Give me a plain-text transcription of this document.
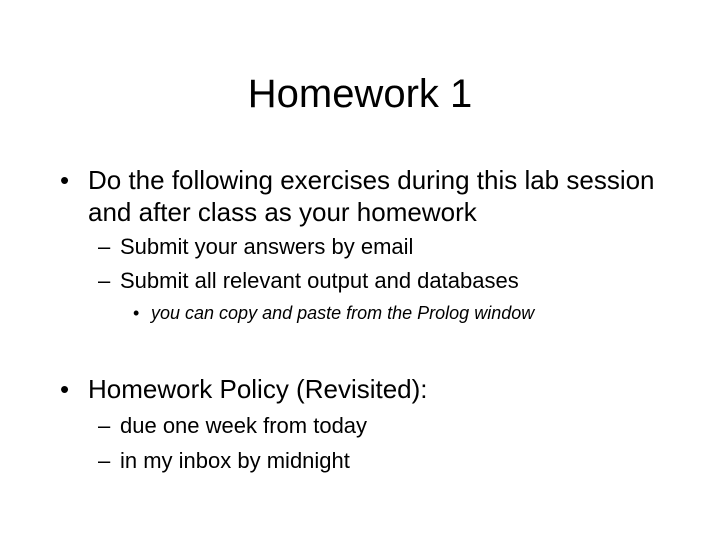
Homework 1
• Do the following exercises during this lab session and after class as your homework
– Submit your answers by email
– Submit all relevant output and databases
• you can copy and paste from the Prolog window
• Homework Policy (Revisited):
– due one week from today
– in my inbox by midnight
